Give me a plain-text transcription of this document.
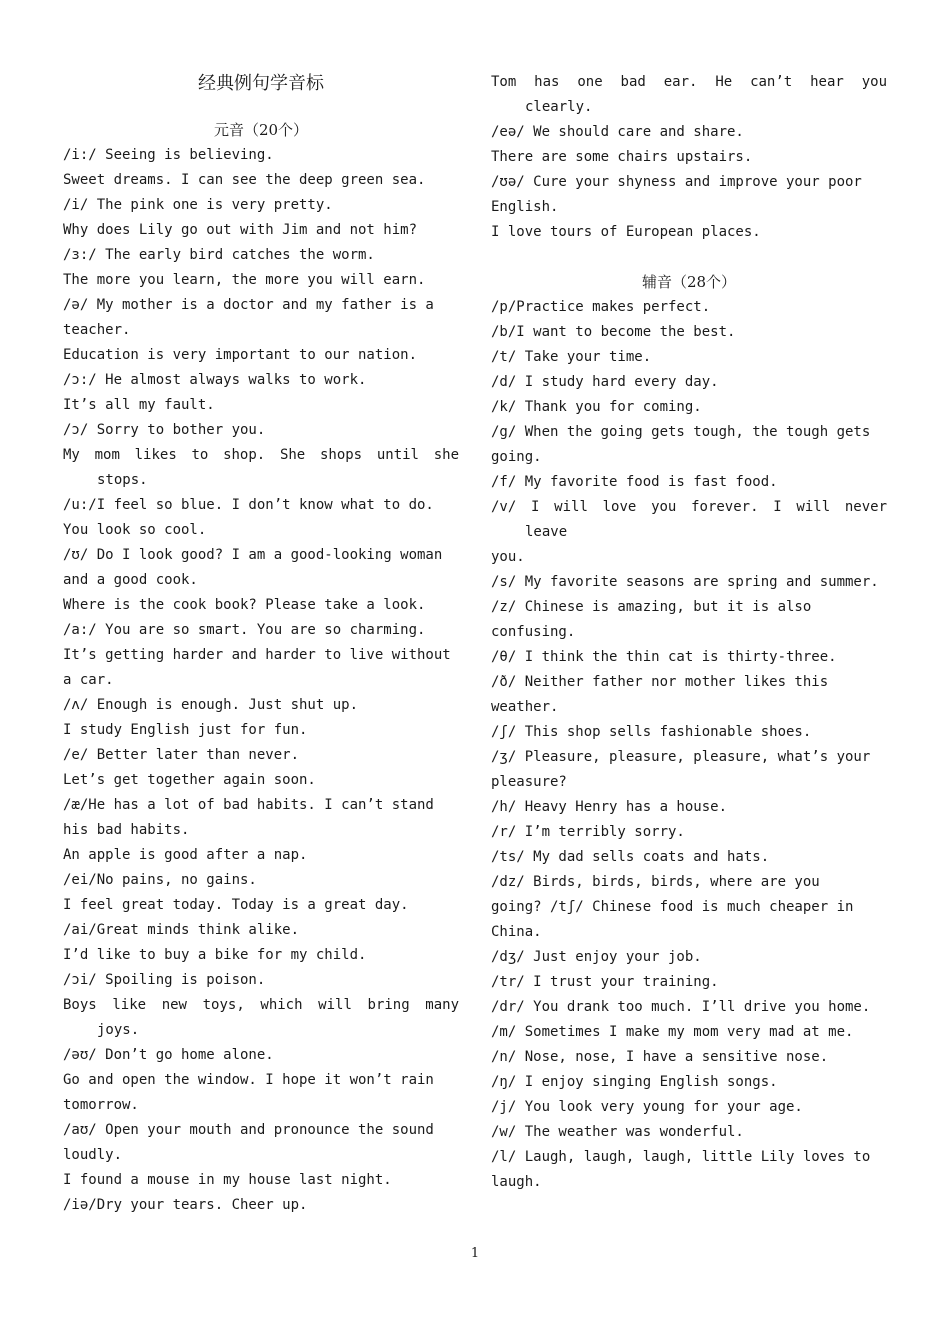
经典例句学音标
元音（20个）
/i:/ Seeing is believing.
Sweet dreams. I can see the deep green sea.
/i/ The pink one is very pretty.
Why does Lily go out with Jim and not him?
/ɜ:/ The early bird catches the worm.
The more you learn, the more you will earn.
/ə/ My mother is a doctor and my father is a
teacher.
Education is very important to our nation.
/ɔ:/ He almost always walks to work.
It’s all my fault.
/ɔ/ Sorry to bother you.
My mom likes to shop. She shops until she stops.
/u:/I feel so blue. I don’t know what to do.
You look so cool.
/ʊ/ Do I look good? I am a good-looking woman
and a good cook.
Where is the cook book? Please take a look.
/a:/ You are so smart. You are so charming.
It’s getting harder and harder to live without
a car.
/ʌ/ Enough is enough. Just shut up.
I study English just for fun.
/e/ Better later than never.
Let’s get together again soon.
/æ/He has a lot of bad habits. I can’t stand
his bad habits.
An apple is good after a nap.
/ei/No pains, no gains.
I feel great today. Today is a great day.
/ai/Great minds think alike.
I’d like to buy a bike for my child.
/ɔi/ Spoiling is poison.
Boys like new toys, which will bring many joys.
/əʊ/ Don’t go home alone.
Go and open the window. I hope it won’t rain
tomorrow.
/aʊ/ Open your mouth and pronounce the sound
loudly.
I found a mouse in my house last night.
/iə/Dry your tears. Cheer up.
Tom has one bad ear. He can’t hear you clearly.
/eə/ We should care and share.
There are some chairs upstairs.
/ʊə/ Cure your shyness and improve your poor
English.
I love tours of European places.
辅音（28个）
/p/Practice makes perfect.
/b/I want to become the best.
/t/ Take your time.
/d/ I study hard every day.
/k/ Thank you for coming.
/g/ When the going gets tough, the tough gets
going.
/f/ My favorite food is fast food.
/v/ I will love you forever. I will never leave
you.
/s/ My favorite seasons are spring and summer.
/z/ Chinese is amazing, but it is also
confusing.
/θ/ I think the thin cat is thirty-three.
/ð/ Neither father nor mother likes this
weather.
/ʃ/ This shop sells fashionable shoes.
/ʒ/ Pleasure, pleasure, pleasure, what’s your
pleasure?
/h/ Heavy Henry has a house.
/r/ I’m terribly sorry.
/ts/ My dad sells coats and hats.
/dz/ Birds, birds, birds, where are you
going? /tʃ/ Chinese food is much cheaper in
China.
/dʒ/ Just enjoy your job.
/tr/ I trust your training.
/dr/ You drank too much. I’ll drive you home.
/m/ Sometimes I make my mom very mad at me.
/n/ Nose, nose, I have a sensitive nose.
/ŋ/ I enjoy singing English songs.
/j/ You look very young for your age.
/w/ The weather was wonderful.
/l/ Laugh, laugh, laugh, little Lily loves to
laugh.
1
